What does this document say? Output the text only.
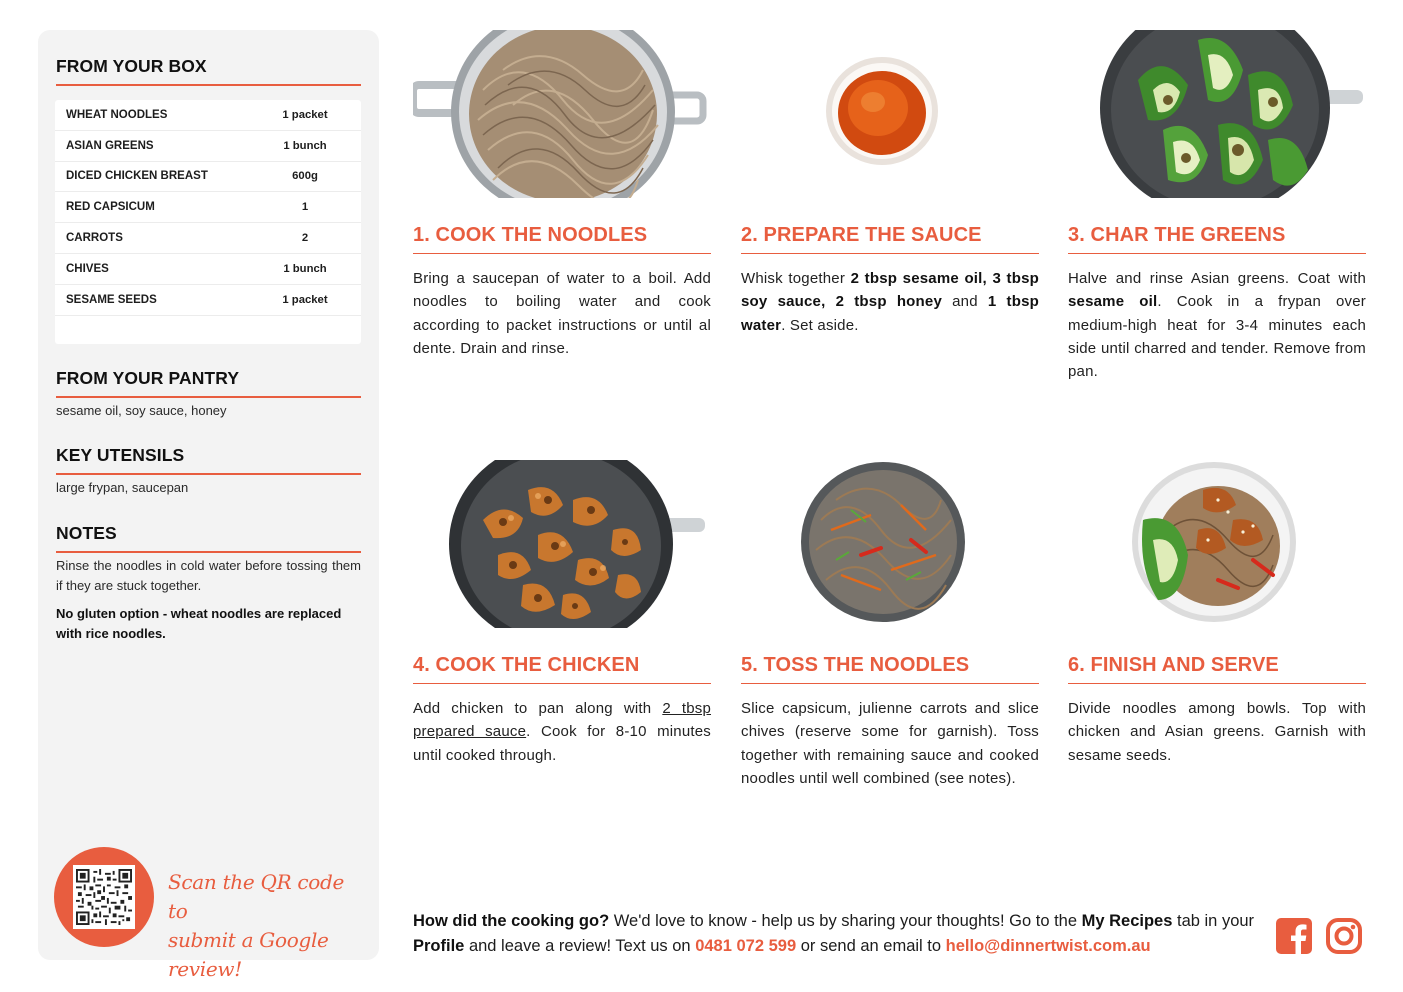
FROM YOUR BOX
WHEAT NOODLES	1 packet
ASIAN GREENS	1 bunch
DICED CHICKEN BREAST	600g
RED CAPSICUM	1
CARROTS	2
CHIVES	1 bunch
SESAME SEEDS	1 packet
FROM YOUR PANTRY
sesame oil, soy sauce, honey
KEY UTENSILS
large frypan, saucepan
NOTES
Rinse the noodles in cold water before tossing them if they are stuck together.
No gluten option - wheat noodles are replaced with rice noodles.
Scan the QR code to
submit a Google review!
1. COOK THE NOODLES
Bring a saucepan of water to a boil. Add noodles to boiling water and cook according to packet instructions or until al dente. Drain and rinse.
2. PREPARE THE SAUCE
Whisk together 2 tbsp sesame oil, 3 tbsp soy sauce, 2 tbsp honey and 1 tbsp water. Set aside.
3. CHAR THE GREENS
Halve and rinse Asian greens. Coat with sesame oil. Cook in a frypan over medium-high heat for 3-4 minutes each side until charred and tender. Remove from pan.
4. COOK THE CHICKEN
Add chicken to pan along with 2 tbsp prepared sauce. Cook for 8-10 minutes until cooked through.
5. TOSS THE NOODLES
Slice capsicum, julienne carrots and slice chives (reserve some for garnish). Toss together with remaining sauce and cooked noodles until well combined (see notes).
6. FINISH AND SERVE
Divide noodles among bowls. Top with chicken and Asian greens. Garnish with sesame seeds.
How did the cooking go? We'd love to know - help us by sharing your thoughts! Go to the My Recipes tab in your Profile and leave a review! Text us on 0481 072 599 or send an email to hello@dinnertwist.com.au
